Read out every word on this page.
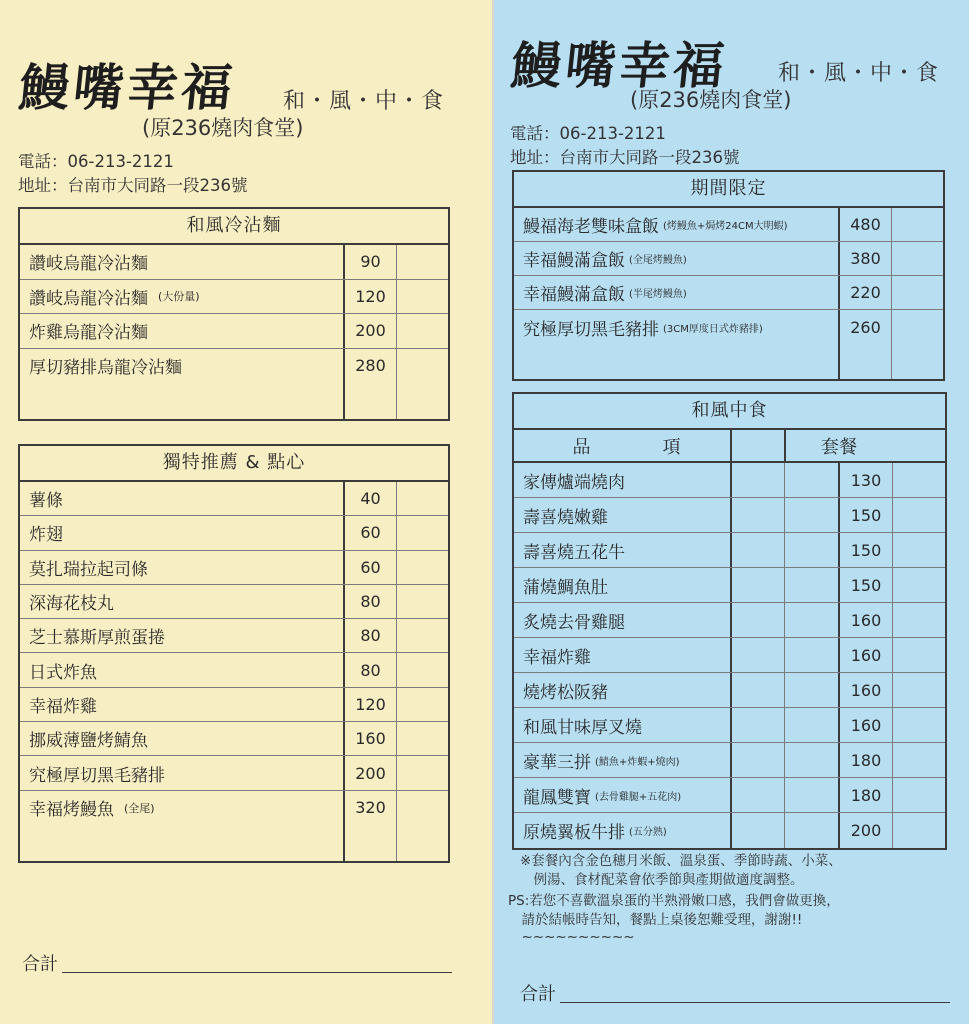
鰻嘴幸福 和・風・中・食
(原236燒肉食堂)
電話：06-213-2121
地址：台南市大同路一段236號
和風冷沾麵
讚岐烏龍冷沾麵	90
讚岐烏龍冷沾麵 (大份量)	120
炸雞烏龍冷沾麵	200
厚切豬排烏龍冷沾麵	280
獨特推薦 & 點心
薯條	40
炸翅	60
莫扎瑞拉起司條	60
深海花枝丸	80
芝士慕斯厚煎蛋捲	80
日式炸魚	80
幸福炸雞	120
挪威薄鹽烤鯖魚	160
究極厚切黑毛豬排	200
幸福烤鰻魚 (全尾)	320
合計
鰻嘴幸福 和・風・中・食
(原236燒肉食堂)
電話：06-213-2121
地址：台南市大同路一段236號
期間限定
鰻福海老雙味盒飯 (烤鰻魚+焗烤24CM大明蝦)	480
幸福鰻滿盒飯 (全尾烤鰻魚)	380
幸福鰻滿盒飯 (半尾烤鰻魚)	220
究極厚切黑毛豬排 (3CM厚度日式炸豬排)	260
和風中食
品　　　　項	套餐
家傳爐端燒肉	130
壽喜燒嫩雞	150
壽喜燒五花牛	150
蒲燒鯛魚肚	150
炙燒去骨雞腿	160
幸福炸雞	160
燒烤松阪豬	160
和風甘味厚叉燒	160
豪華三拼 (鯖魚+炸蝦+燒肉)	180
龍鳳雙寶 (去骨雞腿+五花肉)	180
原燒翼板牛排 (五分熟)	200
※套餐內含金色穗月米飯、溫泉蛋、季節時蔬、小菜、
　例湯、食材配菜會依季節與產期做適度調整。
PS:若您不喜歡溫泉蛋的半熟滑嫩口感，我們會做更換，
　請於結帳時告知，餐點上桌後恕難受理，謝謝!!
　~~~~~~~~~~
合計
